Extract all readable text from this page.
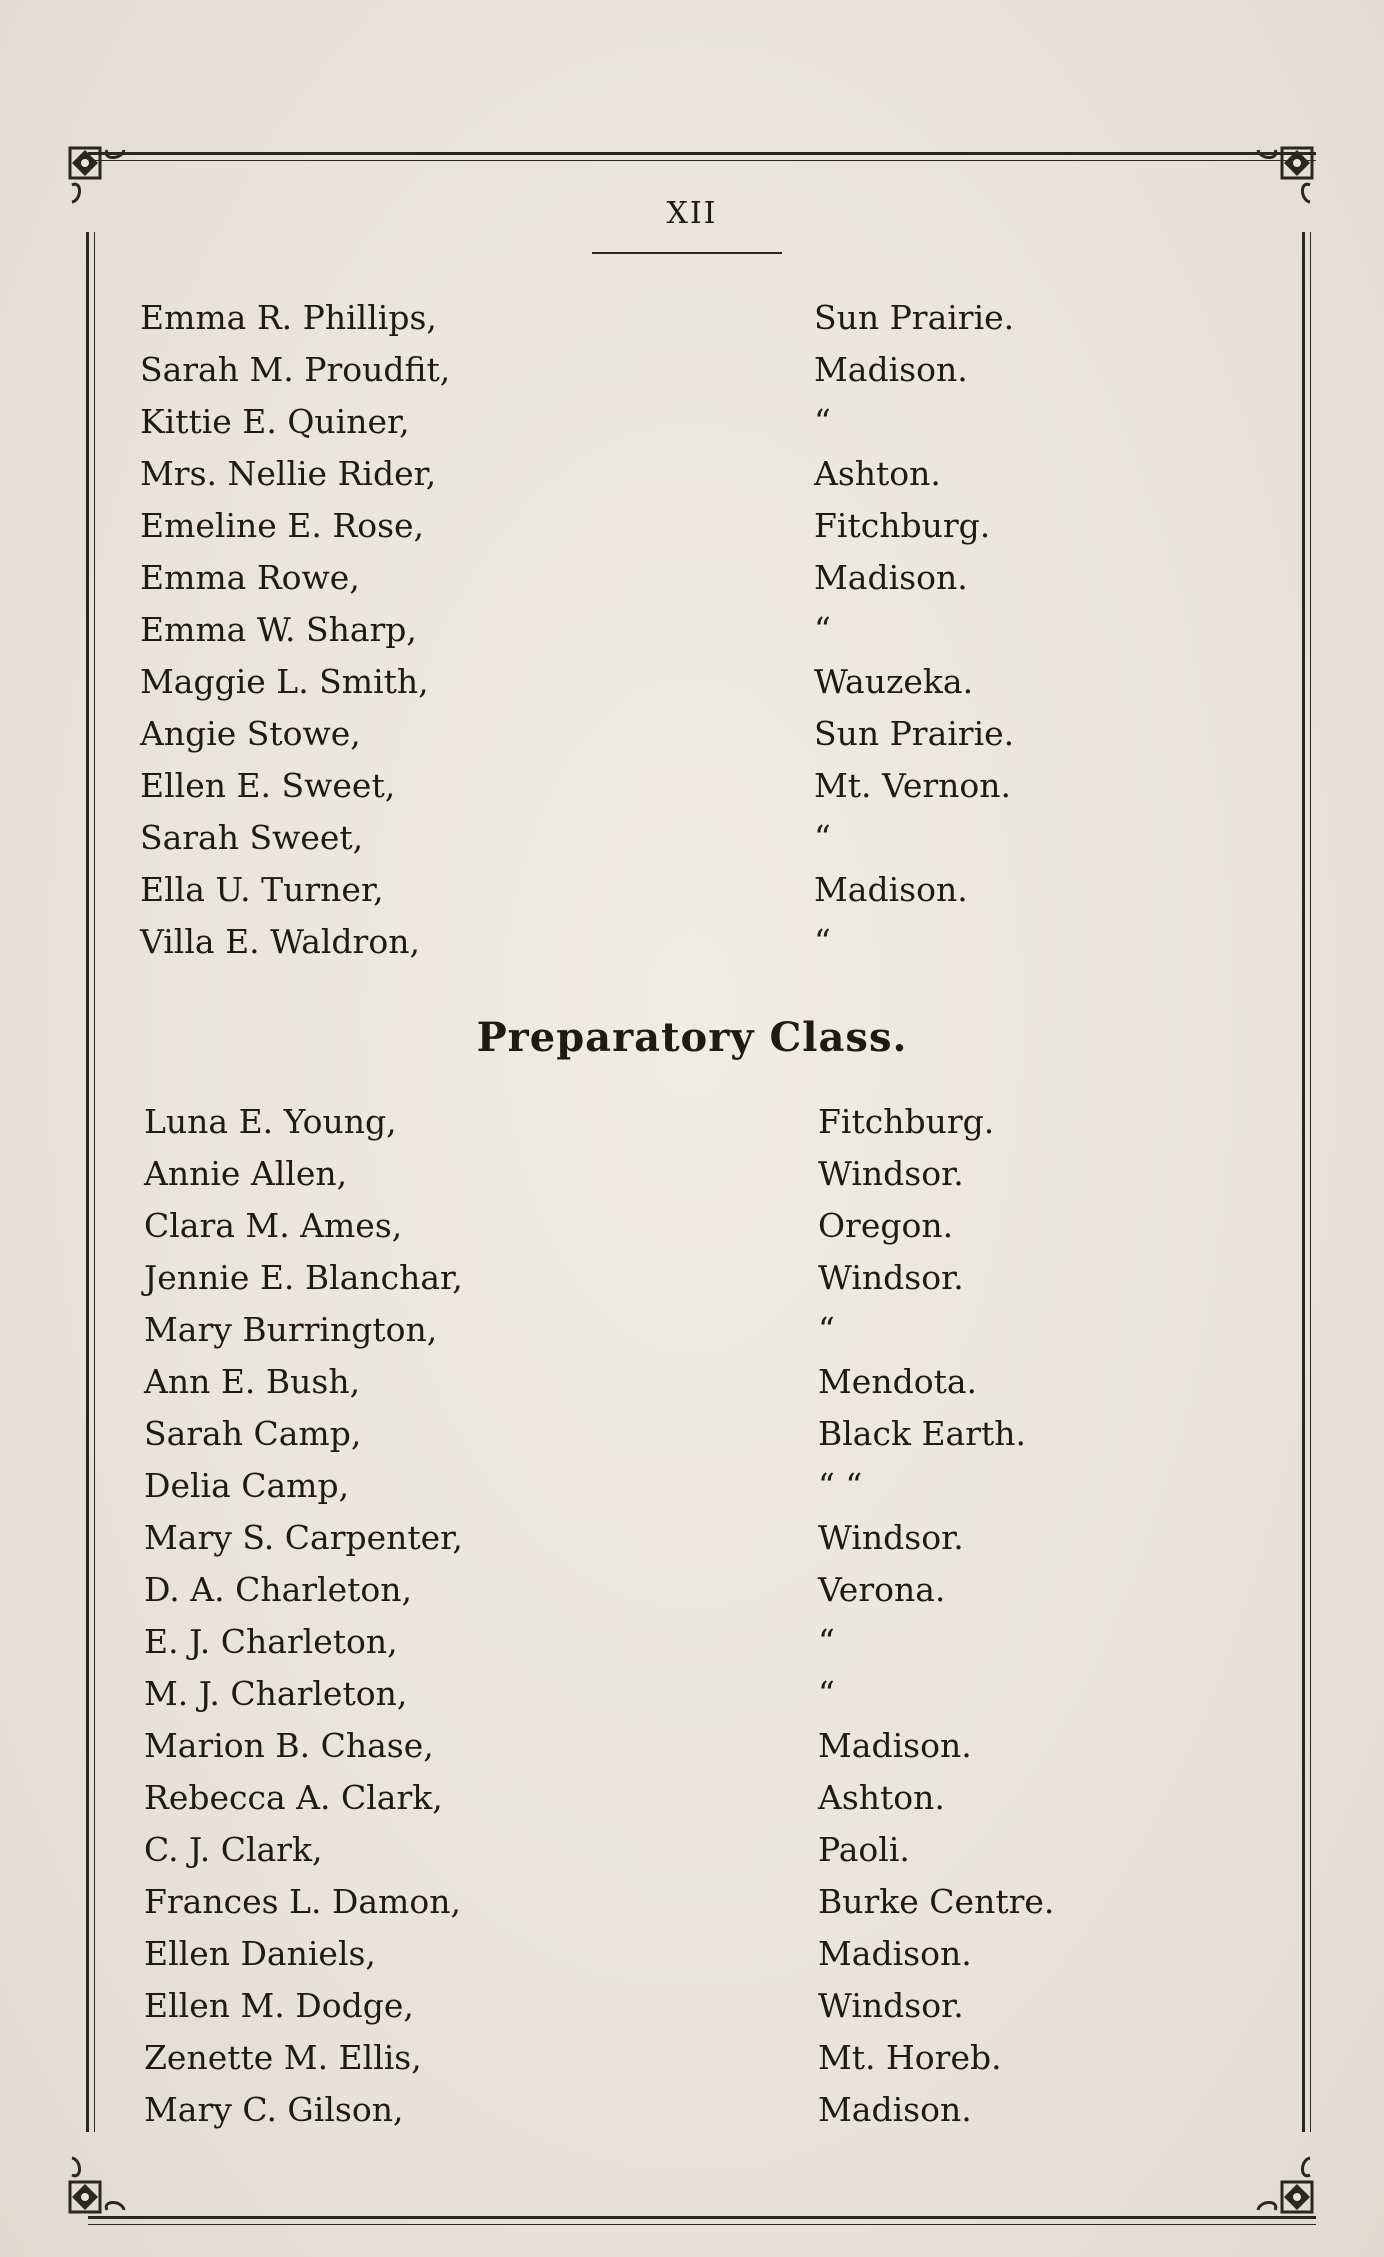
XII
Emma R. Phillips,	Sun Prairie.
Sarah M. Proudfit,	Madison.
Kittie E. Quiner,	“
Mrs. Nellie Rider,	Ashton.
Emeline E. Rose,	Fitchburg.
Emma Rowe,	Madison.
Emma W. Sharp,	“
Maggie L. Smith,	Wauzeka.
Angie Stowe,	Sun Prairie.
Ellen E. Sweet,	Mt. Vernon.
Sarah Sweet,	“
Ella U. Turner,	Madison.
Villa E. Waldron,	“
Preparatory Class.
Luna E. Young,	Fitchburg.
Annie Allen,	Windsor.
Clara M. Ames,	Oregon.
Jennie E. Blanchar,	Windsor.
Mary Burrington,	“
Ann E. Bush,	Mendota.
Sarah Camp,	Black Earth.
Delia Camp,	“ “
Mary S. Carpenter,	Windsor.
D. A. Charleton,	Verona.
E. J. Charleton,	“
M. J. Charleton,	“
Marion B. Chase,	Madison.
Rebecca A. Clark,	Ashton.
C. J. Clark,	Paoli.
Frances L. Damon,	Burke Centre.
Ellen Daniels,	Madison.
Ellen M. Dodge,	Windsor.
Zenette M. Ellis,	Mt. Horeb.
Mary C. Gilson,	Madison.
